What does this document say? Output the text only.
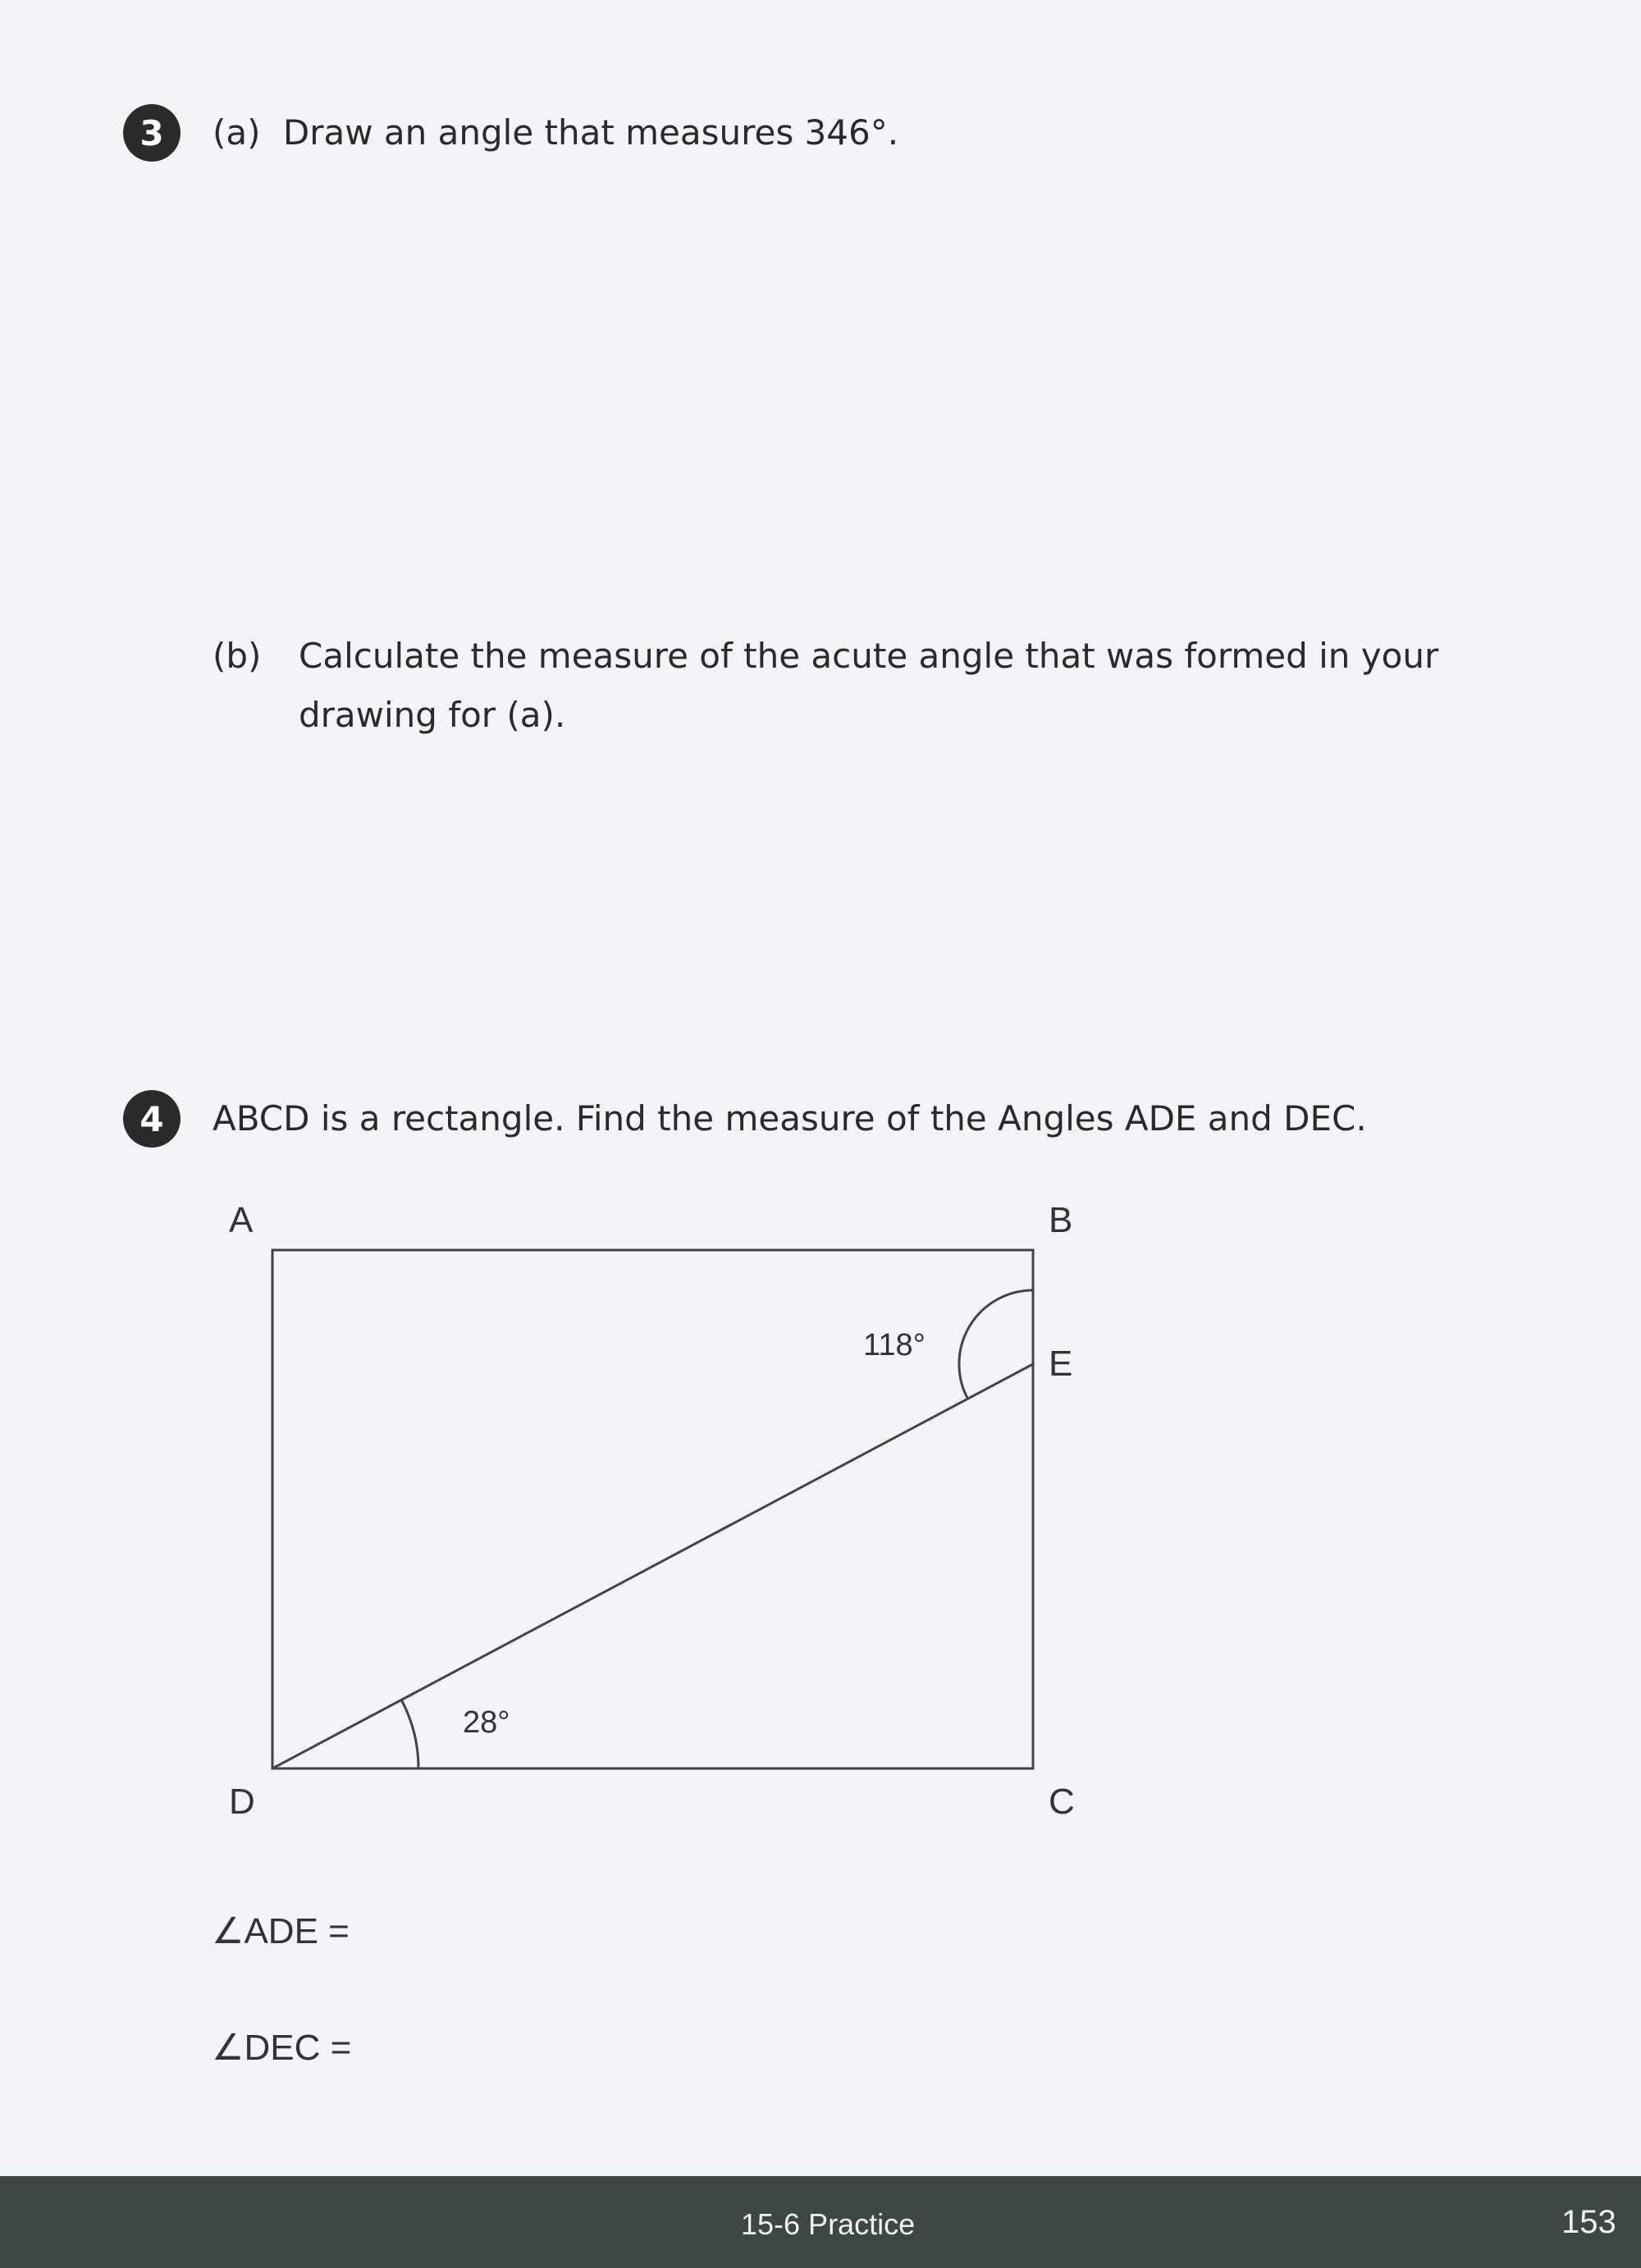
3	(a) Draw an angle that measures 346°.
(b) Calculate the measure of the acute angle that was formed in your
drawing for (a).
4	ABCD is a rectangle. Find the measure of the Angles ADE and DEC.
A	B
E
D	C
118°
28°
∠ADE =
∠DEC =
15-6 Practice	153
